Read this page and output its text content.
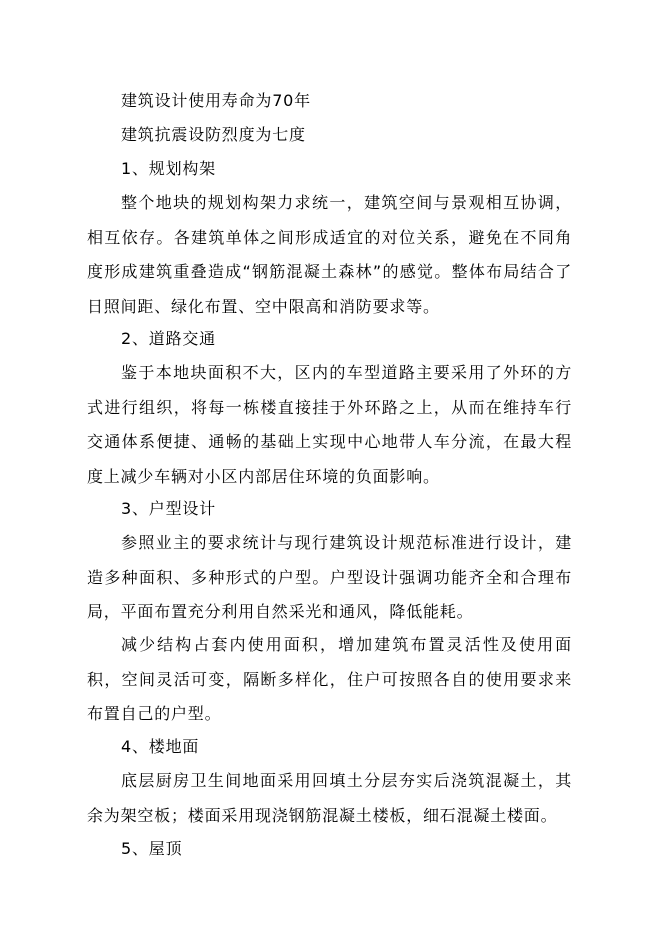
建筑设计使用寿命为70年

建筑抗震设防烈度为七度

1、规划构架

整个地块的规划构架力求统一，建筑空间与景观相互协调，相互依存。各建筑单体之间形成适宜的对位关系，避免在不同角度形成建筑重叠造成“钢筋混凝土森林”的感觉。整体布局结合了日照间距、绿化布置、空中限高和消防要求等。

2、道路交通

鉴于本地块面积不大，区内的车型道路主要采用了外环的方式进行组织，将每一栋楼直接挂于外环路之上，从而在维持车行交通体系便捷、通畅的基础上实现中心地带人车分流，在最大程度上减少车辆对小区内部居住环境的负面影响。

3、户型设计

参照业主的要求统计与现行建筑设计规范标准进行设计，建造多种面积、多种形式的户型。户型设计强调功能齐全和合理布局，平面布置充分利用自然采光和通风，降低能耗。

减少结构占套内使用面积，增加建筑布置灵活性及使用面积，空间灵活可变，隔断多样化，住户可按照各自的使用要求来布置自己的户型。

4、楼地面

底层厨房卫生间地面采用回填土分层夯实后浇筑混凝土，其余为架空板；楼面采用现浇钢筋混凝土楼板，细石混凝土楼面。

5、屋顶
